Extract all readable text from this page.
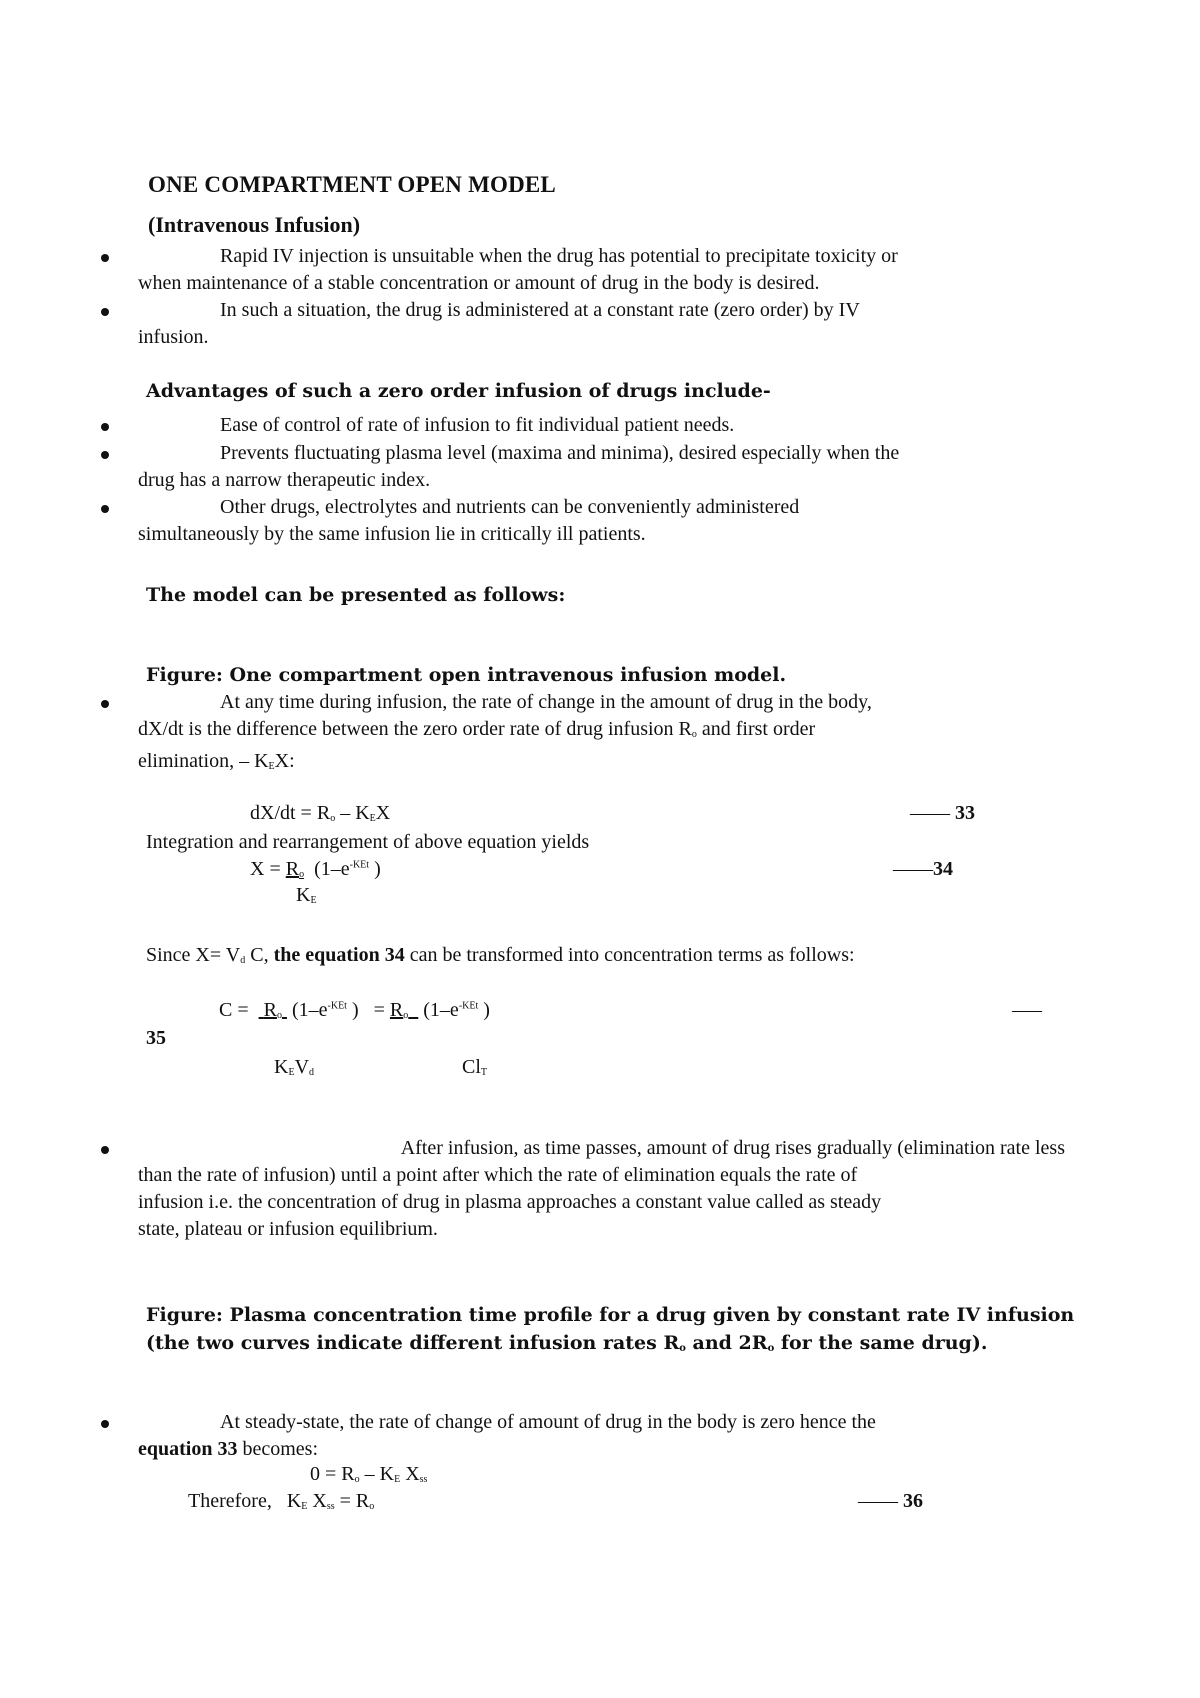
ONE COMPARTMENT OPEN MODEL
(Intravenous Infusion)
Rapid IV injection is unsuitable when the drug has potential to precipitate toxicity or
when maintenance of a stable concentration or amount of drug in the body is desired.
In such a situation, the drug is administered at a constant rate (zero order) by IV
infusion.
Advantages of such a zero order infusion of drugs include-
Ease of control of rate of infusion to fit individual patient needs.
Prevents fluctuating plasma level (maxima and minima), desired especially when the
drug has a narrow therapeutic index.
Other drugs, electrolytes and nutrients can be conveniently administered
simultaneously by the same infusion lie in critically ill patients.
The model can be presented as follows:
Figure: One compartment open intravenous infusion model.
At any time during infusion, the rate of change in the amount of drug in the body,
dX/dt is the difference between the zero order rate of drug infusion $R_o$ and first order
elimination, – $K_EX$:
$dX/dt = R_o - K_EX$	–––– 33
Integration and rearrangement of above equation yields
$X = R_o$ ($1-e^{-KEt}$ )
$K_E$
––––34
Since $X= V_d$ C, the equation 34 can be transformed into concentration terms as follows:
$C = R_o$ ($1-e^{-KEt}$ ) = $R_o$ ($1-e^{-KEt}$ )	–––
35
$K_EV_d$	$Cl_T$
After infusion, as time passes, amount of drug rises gradually (elimination rate less
than the rate of infusion) until a point after which the rate of elimination equals the rate of
infusion i.e. the concentration of drug in plasma approaches a constant value called as steady
state, plateau or infusion equilibrium.
Figure: Plasma concentration time profile for a drug given by constant rate IV infusion
(the two curves indicate different infusion rates $R_o$ and $2R_o$ for the same drug).
At steady-state, the rate of change of amount of drug in the body is zero hence the
equation 33 becomes:
$0 = R_o - K_E$ $X_{ss}$
Therefore, $K_E$ $X_{ss} = R_o$	–––– 36
